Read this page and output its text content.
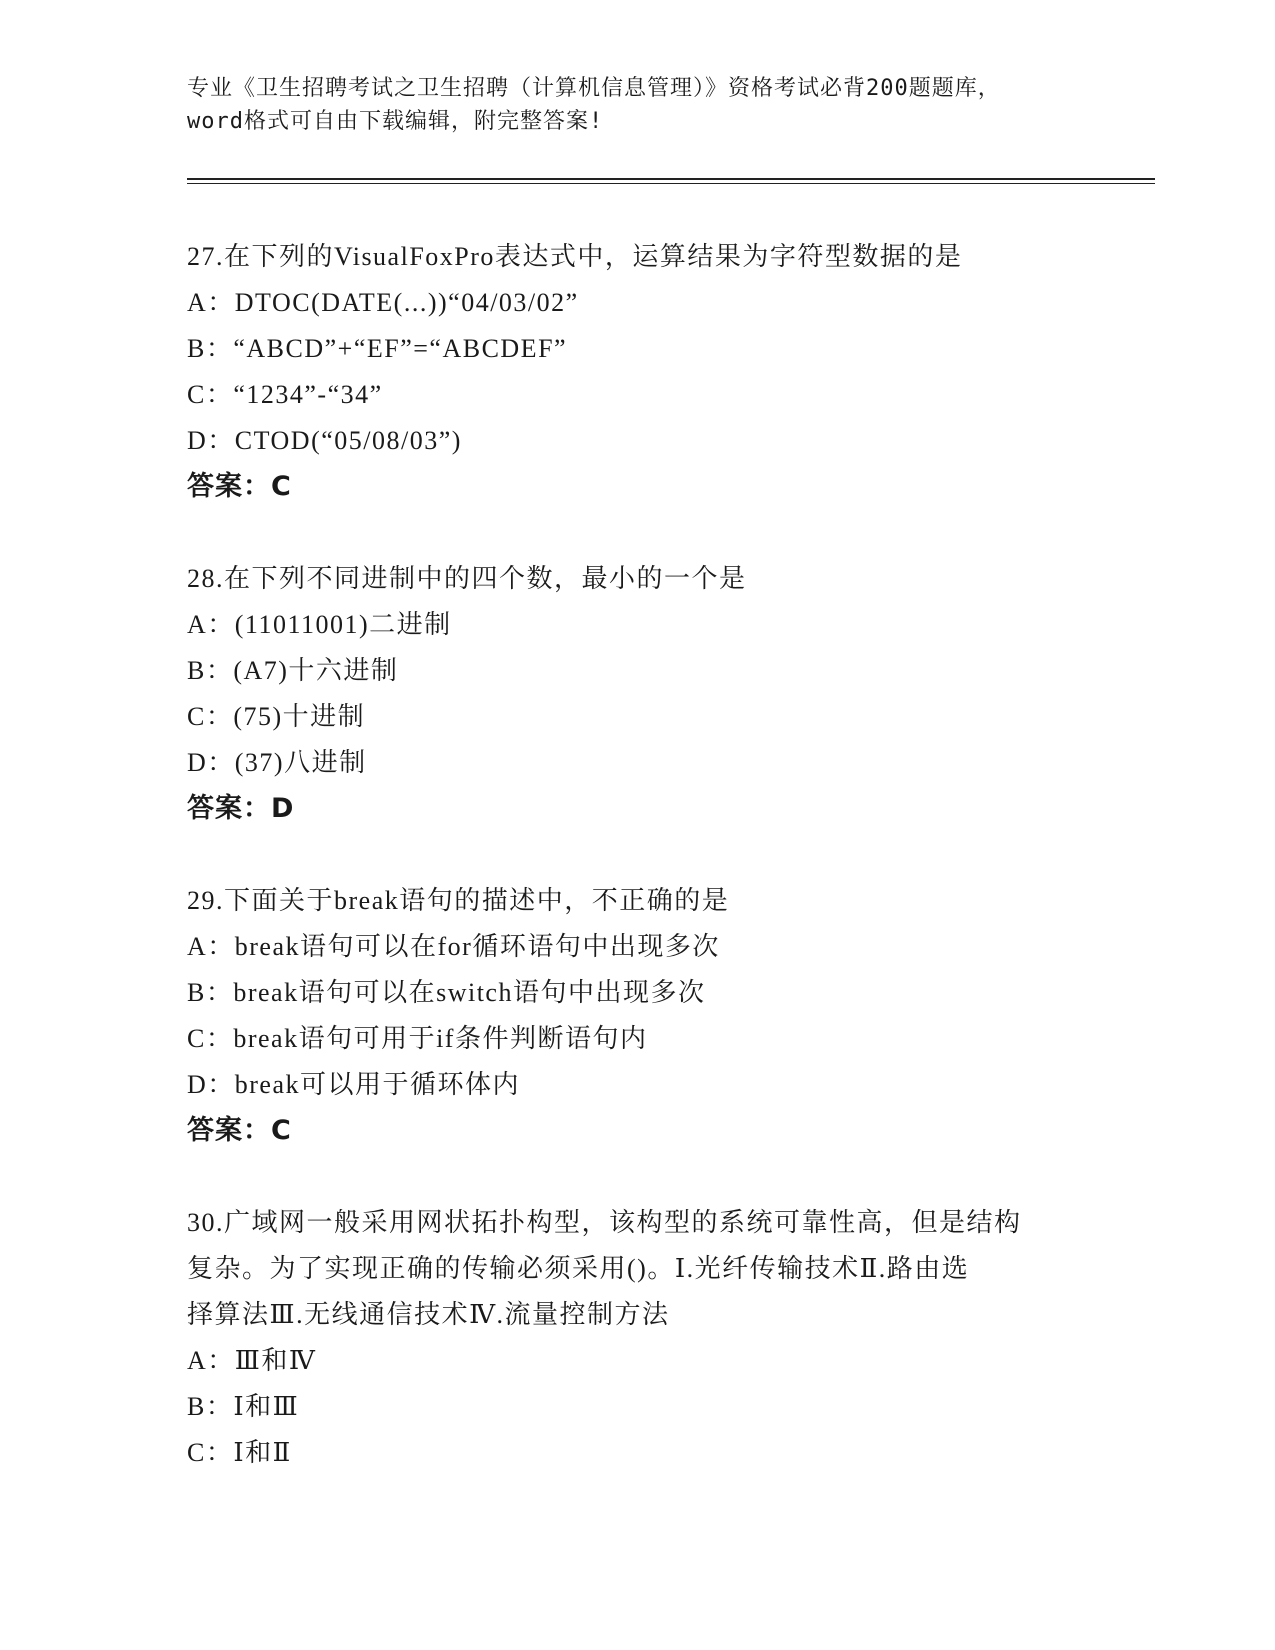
专业《卫生招聘考试之卫生招聘（计算机信息管理）》资格考试必背200题题库，
word格式可自由下载编辑，附完整答案!
27.在下列的VisualFoxPro表达式中，运算结果为字符型数据的是
A：DTOC(DATE(...))“04/03/02”
B：“ABCD”+“EF”=“ABCDEF”
C：“1234”-“34”
D：CTOD(“05/08/03”)
答案：C
28.在下列不同进制中的四个数，最小的一个是
A：(11011001)二进制
B：(A7)十六进制
C：(75)十进制
D：(37)八进制
答案：D
29.下面关于break语句的描述中，不正确的是
A：break语句可以在for循环语句中出现多次
B：break语句可以在switch语句中出现多次
C：break语句可用于if条件判断语句内
D：break可以用于循环体内
答案：C
30.广域网一般采用网状拓扑构型，该构型的系统可靠性高，但是结构
复杂。为了实现正确的传输必须采用()。Ⅰ.光纤传输技术Ⅱ.路由选
择算法Ⅲ.无线通信技术Ⅳ.流量控制方法
A：Ⅲ和Ⅳ
B：Ⅰ和Ⅲ
C：Ⅰ和Ⅱ
